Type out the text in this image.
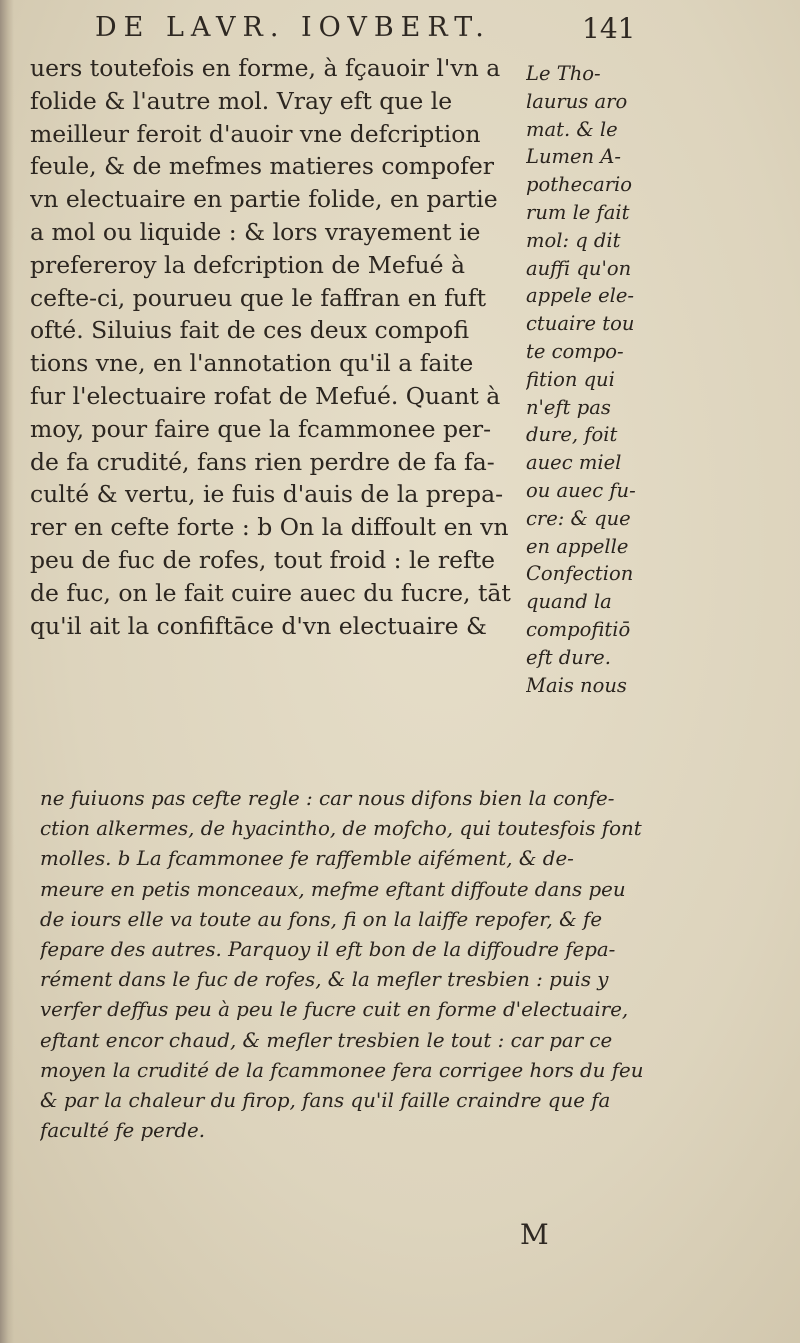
DE LAVR. IOVBERT.	141
uers toutefois en forme, à fçauoir l'vn a
folide & l'autre mol. Vray eft que le
meilleur feroit d'auoir vne defcription
feule, & de mefmes matieres compofer
vn electuaire en partie folide, en partie
a mol ou liquide : & lors vrayement ie
prefereroy la defcription de Mefué à
cefte-ci, pourueu que le faffran en fuft
ofté. Siluius fait de ces deux compofi
tions vne, en l'annotation qu'il a faite
fur l'electuaire rofat de Mefué. Quant à
moy, pour faire que la fcammonee per-
de fa crudité, fans rien perdre de fa fa-
culté & vertu, ie fuis d'auis de la prepa-
rer en cefte forte : b On la diffoult en vn
peu de fuc de rofes, tout froid : le refte
de fuc, on le fait cuire auec du fucre, tāt
qu'il ait la confiftāce d'vn electuaire &
Le Tho-
laurus aro
mat. & le
Lumen A-
pothecario
rum le fait
mol: q dit
auffi qu'on
appele ele-
ctuaire tou
te compo-
fition qui
n'eft pas
dure, foit
auec miel
ou auec fu-
cre: & que
en appelle
Confection
quand la
compofitiō
eft dure.
Mais nous
ne fuiuons pas cefte regle : car nous difons bien la confe-
ction alkermes, de hyacintho, de mofcho, qui toutesfois font
molles. b La fcammonee fe raffemble aifément, & de-
meure en petis monceaux, mefme eftant diffoute dans peu
de iours elle va toute au fons, fi on la laiffe repofer, & fe
fepare des autres. Parquoy il eft bon de la diffoudre fepa-
rément dans le fuc de rofes, & la mefler tresbien : puis y
verfer deffus peu à peu le fucre cuit en forme d'electuaire,
eftant encor chaud, & mefler tresbien le tout : car par ce
moyen la crudité de la fcammonee fera corrigee hors du feu
& par la chaleur du firop, fans qu'il faille craindre que fa
faculté fe perde.
M
